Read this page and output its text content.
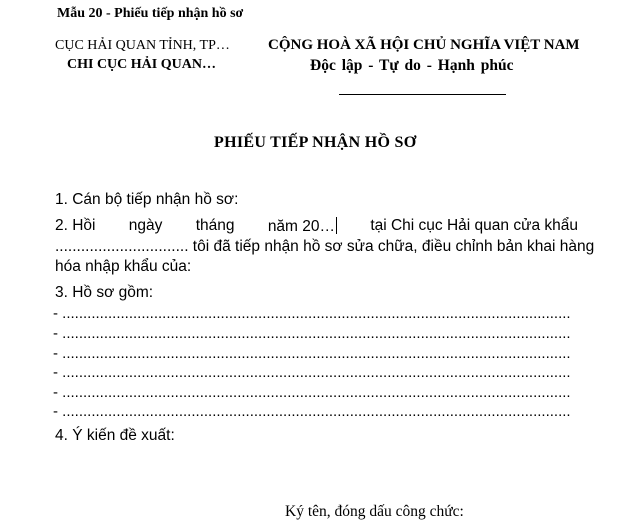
Mẫu 20 - Phiếu tiếp nhận hồ sơ
CỤC HẢI QUAN TỈNH, TP…
CHI CỤC HẢI QUAN…
CỘNG HOÀ XÃ HỘI CHỦ NGHĨA VIỆT NAM
Độc lập - Tự do - Hạnh phúc
PHIẾU TIẾP NHẬN HỒ SƠ
1. Cán bộ tiếp nhận hồ sơ:
2. Hồi ngày tháng năm 20… tại Chi cục Hải quan cửa khẩu
............................... tôi đã tiếp nhận hồ sơ sửa chữa, điều chỉnh bản khai hàng
hóa nhập khẩu của:
3. Hồ sơ gồm:
- ..........................................................................................................................
- ..........................................................................................................................
- ..........................................................................................................................
- ..........................................................................................................................
- ..........................................................................................................................
- ..........................................................................................................................
4. Ý kiến đề xuất:
Ký tên, đóng dấu công chức:
